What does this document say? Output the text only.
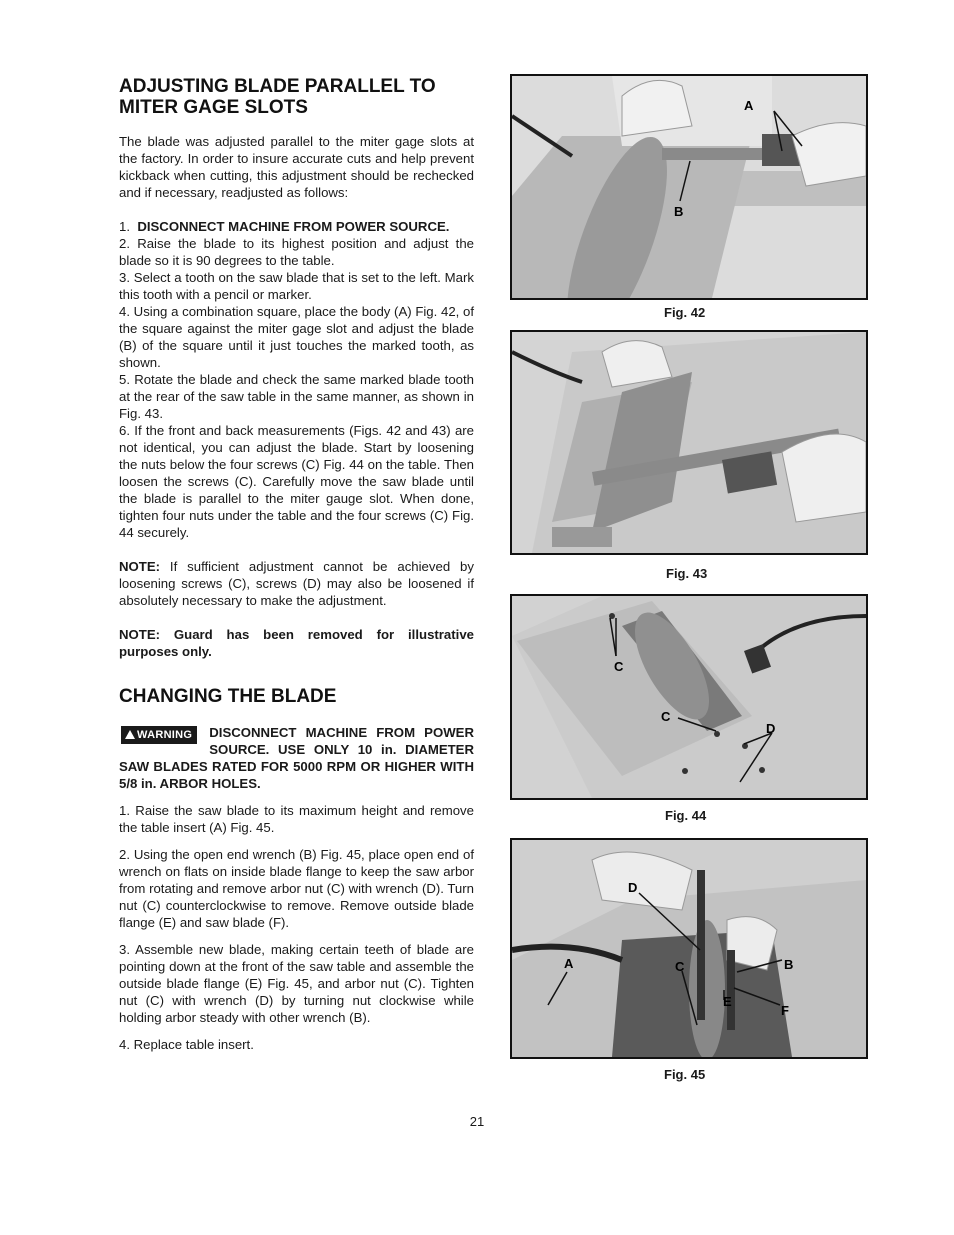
ADJUSTING BLADE PARALLEL TO MITER GAGE SLOTS

The blade was adjusted parallel to the miter gage slots at the factory. In order to insure accurate cuts and help prevent kickback when cutting, this adjustment should be rechecked and if necessary, readjusted as follows:

1. DISCONNECT MACHINE FROM POWER SOURCE.

2. Raise the blade to its highest position and adjust the blade so it is 90 degrees to the table.

3. Select a tooth on the saw blade that is set to the left. Mark this tooth with a pencil or marker.

4. Using a combination square, place the body (A) Fig. 42, of the square against the miter gage slot and adjust the blade (B) of the square until it just touches the marked tooth, as shown.

5. Rotate the blade and check the same marked blade tooth at the rear of the saw table in the same manner, as shown in Fig. 43.

6. If the front and back measurements (Figs. 42 and 43) are not identical, you can adjust the blade. Start by loosening the nuts below the four screws (C) Fig. 44 on the table. Then loosen the screws (C). Carefully move the saw blade until the blade is parallel to the miter gauge slot. When done, tighten four nuts under the table and the four screws (C) Fig. 44 securely.

NOTE: If sufficient adjustment cannot be achieved by loosening screws (C), screws (D) may also be loosened if absolutely necessary to make the adjustment.

NOTE: Guard has been removed for illustrative purposes only.

CHANGING THE BLADE

WARNING	DISCONNECT MACHINE FROM POWER SOURCE. USE ONLY 10 in. DIAMETER SAW BLADES RATED FOR 5000 RPM OR HIGHER WITH 5/8 in. ARBOR HOLES.

1. Raise the saw blade to its maximum height and remove the table insert (A) Fig. 45.

2. Using the open end wrench (B) Fig. 45, place open end of wrench on flats on inside blade flange to keep the saw arbor from rotating and remove arbor nut (C) with wrench (D). Turn nut (C) counterclockwise to remove. Remove outside blade flange (E) and saw blade (F).

3. Assemble new blade, making certain teeth of blade are pointing down at the front of the saw table and assemble the outside blade flange (E) Fig. 45, and arbor nut (C). Tighten nut (C) with wrench (D) by turning nut clockwise while holding arbor steady with other wrench (B).

4. Replace table insert.

A
B
Fig. 42
Fig. 43
C
C
D
Fig. 44
D
A	C	B
E
F
Fig. 45
21
